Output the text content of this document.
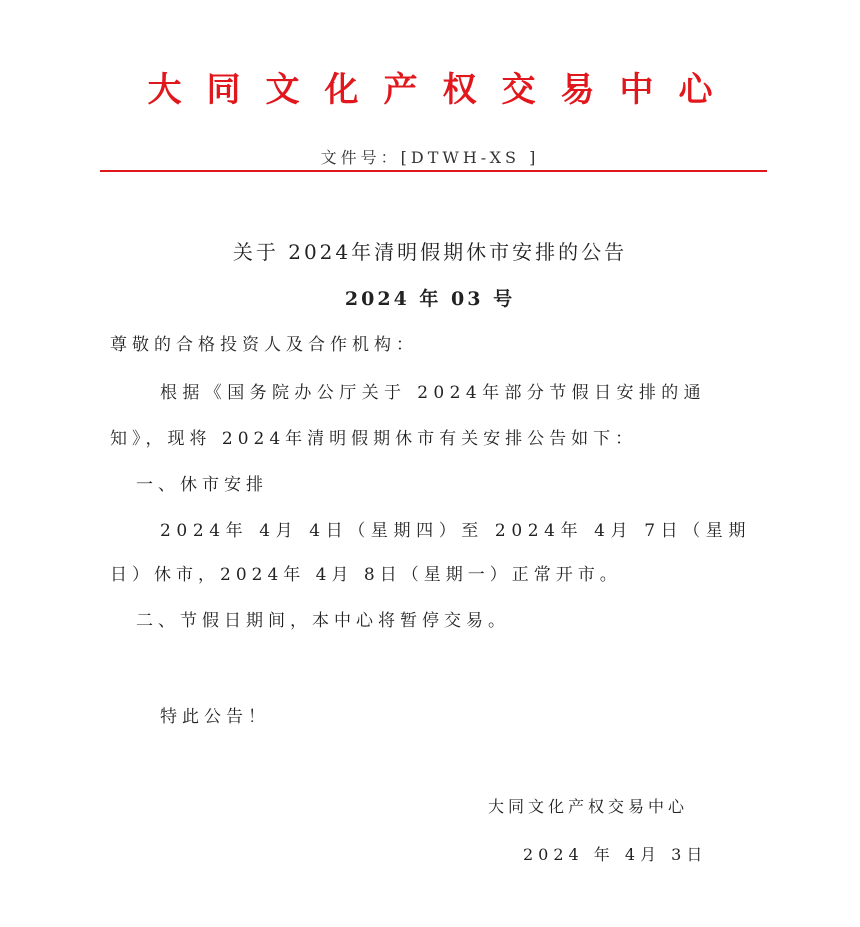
大同文化产权交易中心
文件号：[DTWH-XS ]
关于 2024年清明假期休市安排的公告
2024 年 03 号
尊敬的合格投资人及合作机构：
根据《国务院办公厅关于 2024年部分节假日安排的通
知》，现将 2024年清明假期休市有关安排公告如下：
一、休市安排
2024年 4月 4日（星期四）至 2024年 4月 7日（星期
日）休市，2024年 4月 8日（星期一）正常开市。
二、节假日期间，本中心将暂停交易。
特此公告！
大同文化产权交易中心
2024 年 4月 3日
